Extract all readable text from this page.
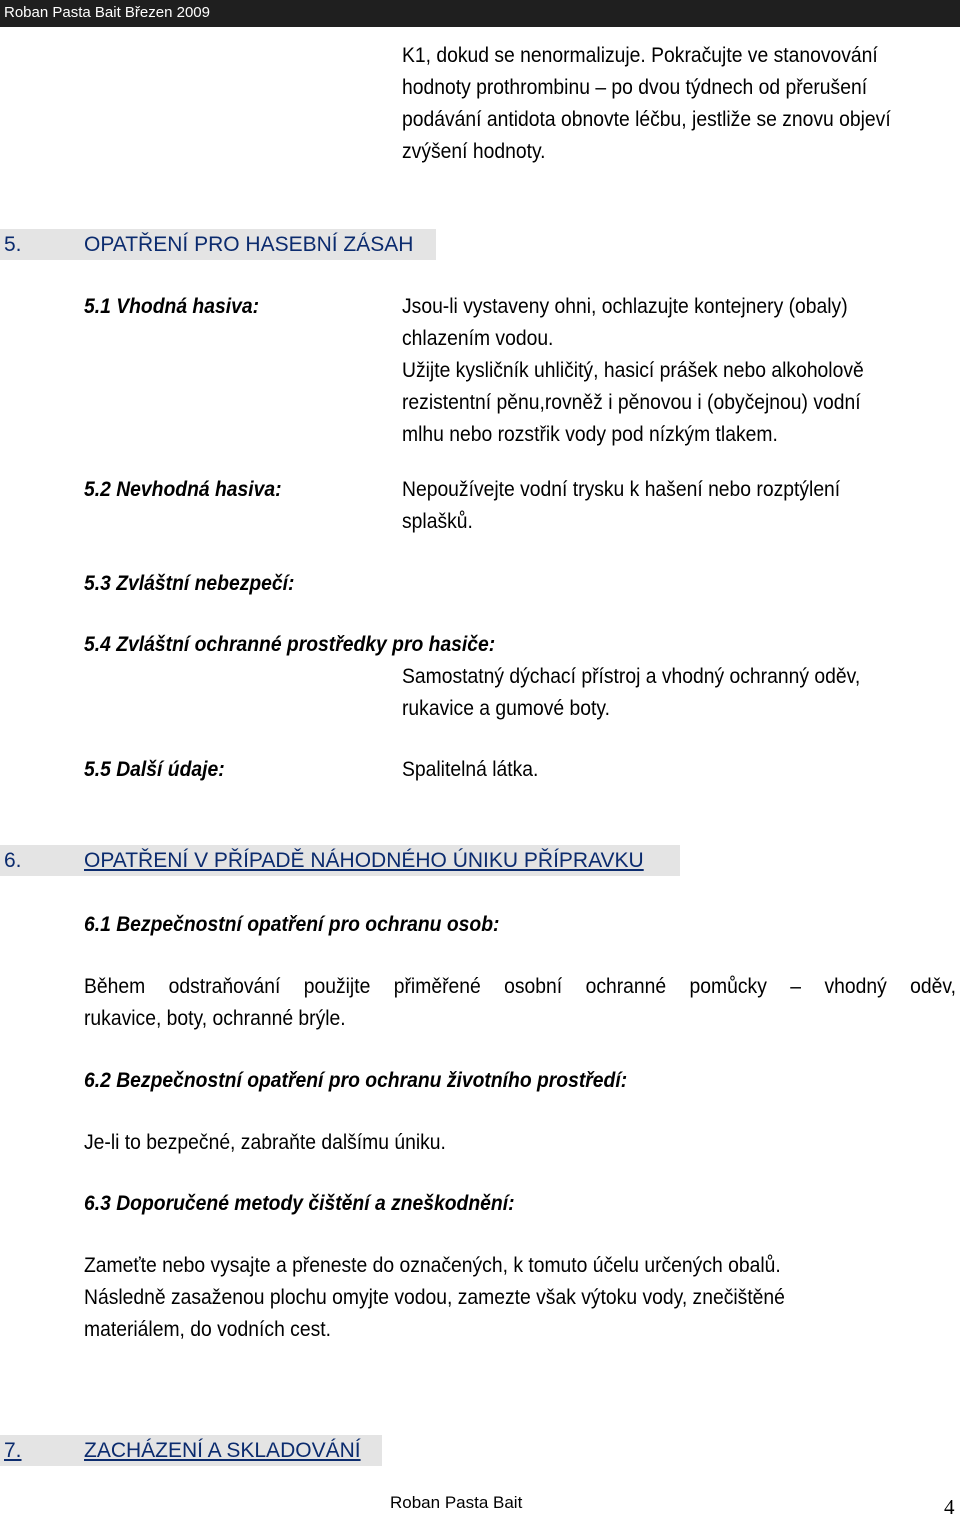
Roban Pasta Bait Březen 2009
K1, dokud se nenormalizuje. Pokračujte ve stanovování
hodnoty prothrombinu – po dvou týdnech od přerušení
podávání antidota obnovte léčbu, jestliže se znovu objeví
zvýšení hodnoty.
5.	OPATŘENÍ PRO HASEBNÍ ZÁSAH
5.1 Vhodná hasiva:	Jsou-li vystaveny ohni, ochlazujte kontejnery (obaly)
chlazením vodou.
Užijte kysličník uhličitý, hasicí prášek nebo alkoholově
rezistentní pěnu,rovněž i pěnovou i (obyčejnou) vodní
mlhu nebo rozstřik vody pod nízkým tlakem.
5.2 Nevhodná hasiva:	Nepoužívejte vodní trysku k hašení nebo rozptýlení
splašků.
5.3 Zvláštní nebezpečí:
5.4 Zvláštní ochranné prostředky pro hasiče:
Samostatný dýchací přístroj a vhodný ochranný oděv,
rukavice a gumové boty.
5.5 Další údaje:	Spalitelná látka.
6.	OPATŘENÍ V PŘÍPADĚ NÁHODNÉHO ÚNIKU PŘÍPRAVKU
6.1 Bezpečnostní opatření pro ochranu osob:
Během odstraňování použijte přiměřené osobní ochranné pomůcky – vhodný oděv,
rukavice, boty, ochranné brýle.
6.2 Bezpečnostní opatření pro ochranu životního prostředí:
Je-li to bezpečné, zabraňte dalšímu úniku.
6.3 Doporučené metody čištění a zneškodnění:
Zameťte nebo vysajte a přeneste do označených, k tomuto účelu určených obalů.
Následně zasaženou plochu omyjte vodou, zamezte však výtoku vody, znečištěné
materiálem, do vodních cest.
7.	ZACHÁZENÍ A SKLADOVÁNÍ
Roban Pasta Bait	4
